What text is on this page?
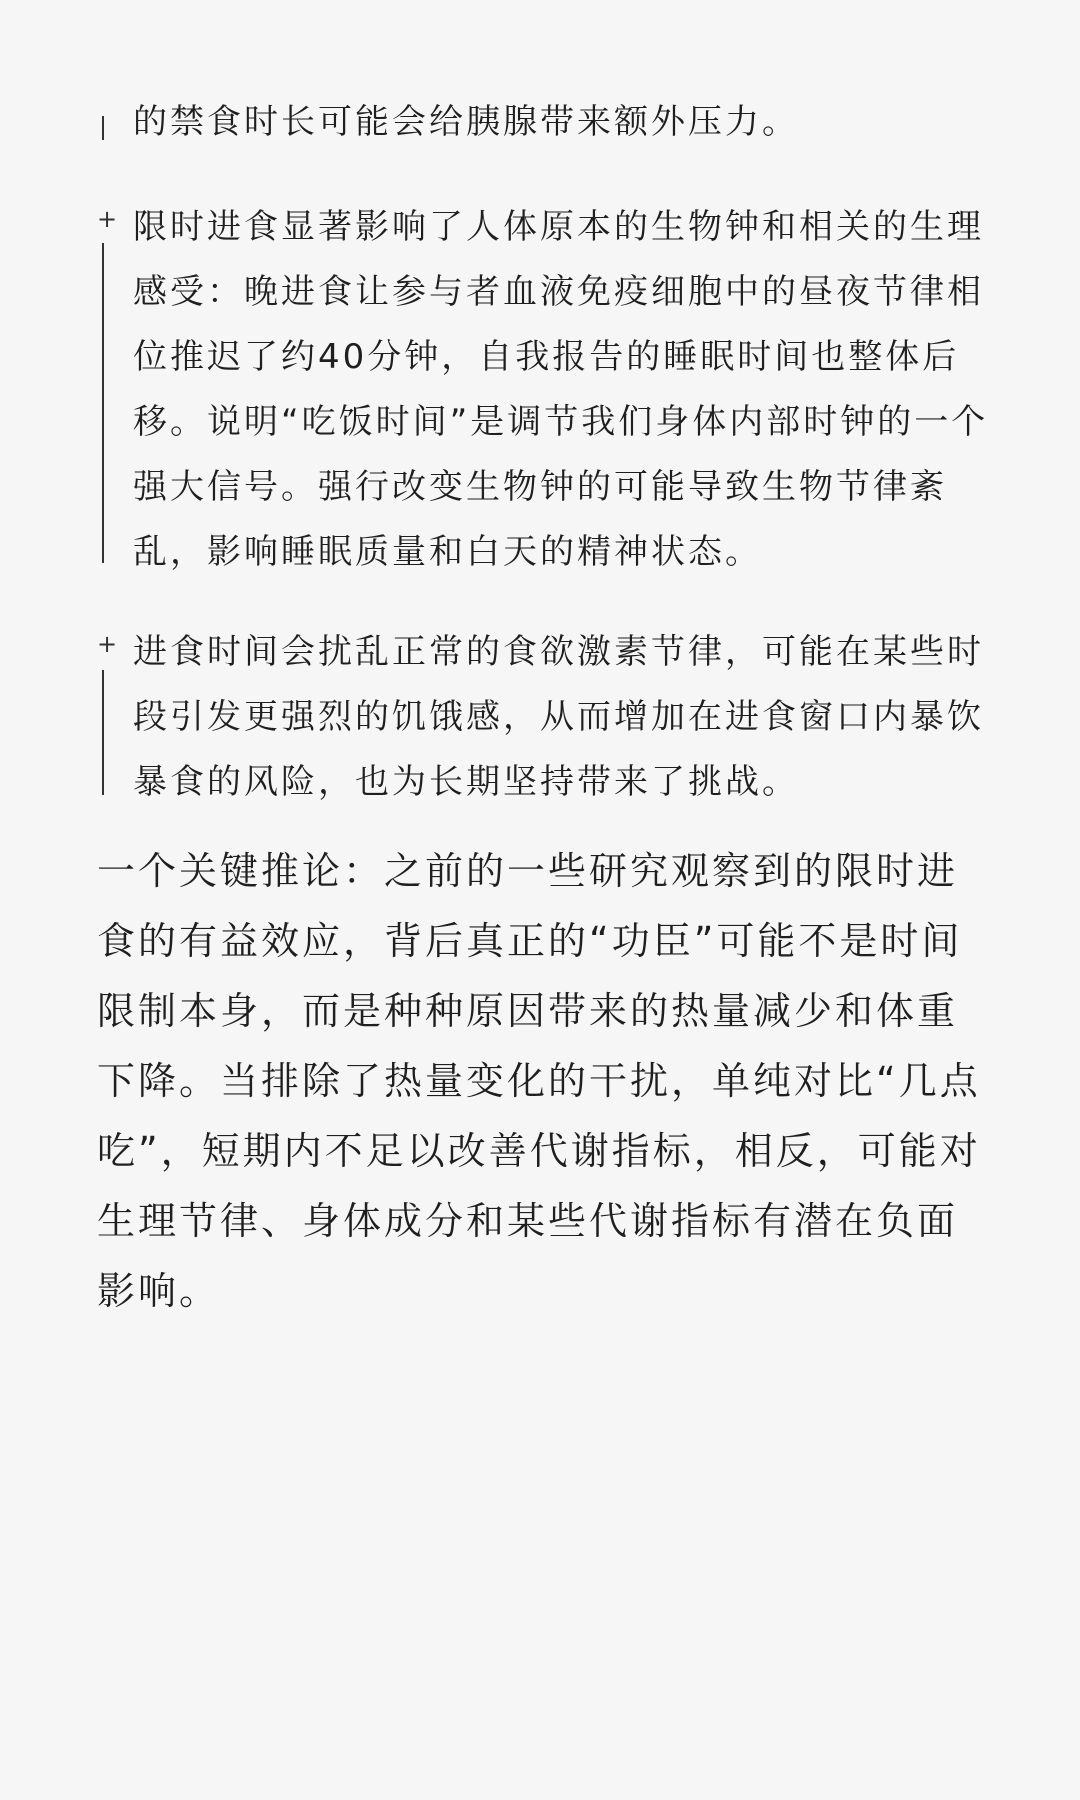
的禁食时长可能会给胰腺带来额外压力。
+ 限时进食显著影响了人体原本的生物钟和相关的生理感受：晚进食让参与者血液免疫细胞中的昼夜节律相位推迟了约40分钟，自我报告的睡眠时间也整体后移。说明“吃饭时间”是调节我们身体内部时钟的一个强大信号。强行改变生物钟的可能导致生物节律紊乱，影响睡眠质量和白天的精神状态。
+ 进食时间会扰乱正常的食欲激素节律，可能在某些时段引发更强烈的饥饿感，从而增加在进食窗口内暴饮暴食的风险，也为长期坚持带来了挑战。
一个关键推论：之前的一些研究观察到的限时进食的有益效应，背后真正的“功臣”可能不是时间限制本身，而是种种原因带来的热量减少和体重下降。当排除了热量变化的干扰，单纯对比“几点吃”，短期内不足以改善代谢指标，相反，可能对生理节律、身体成分和某些代谢指标有潜在负面影响。
